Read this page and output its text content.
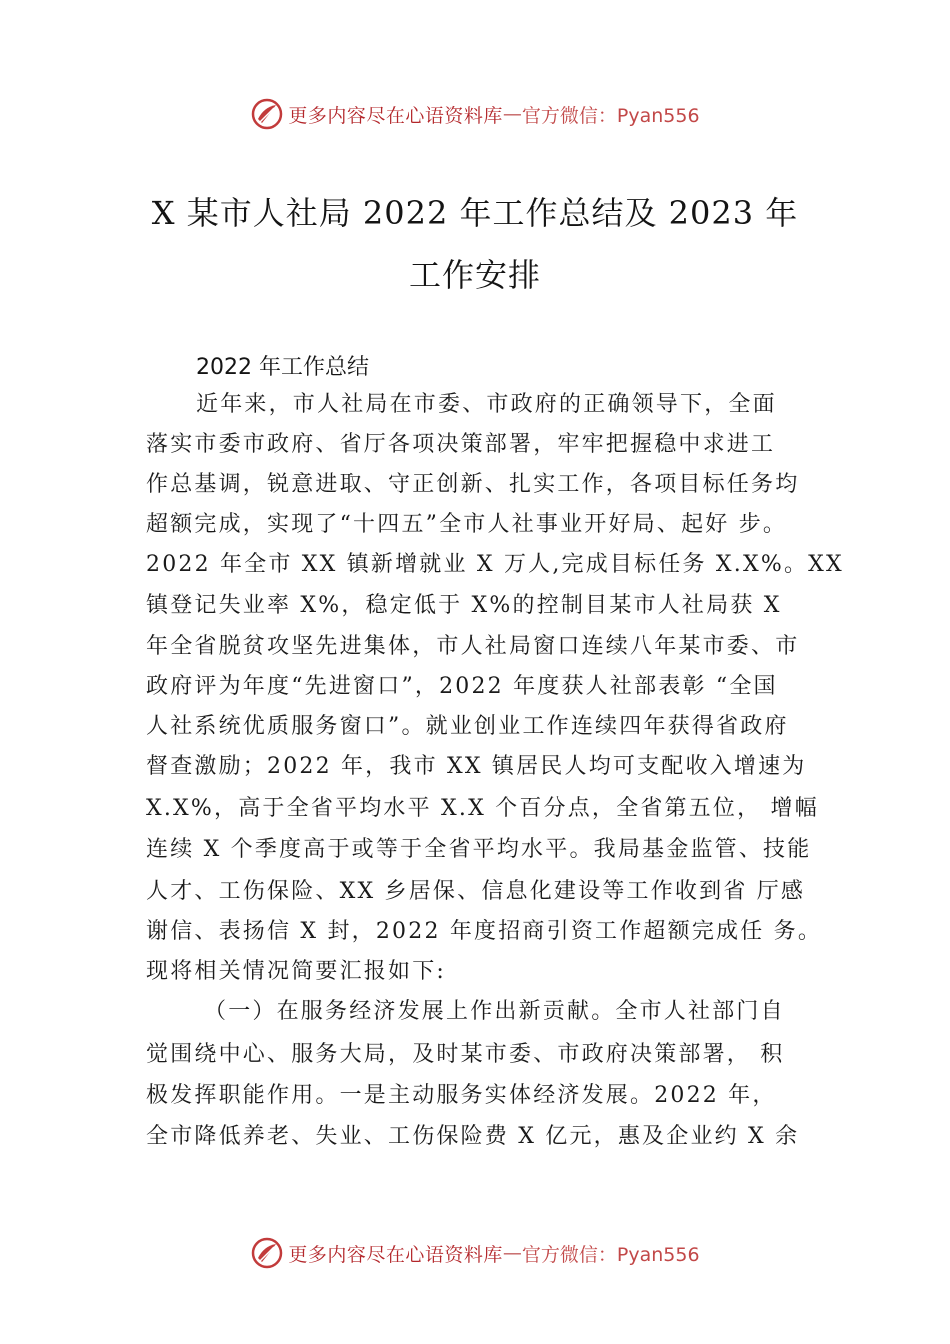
更多内容尽在心语资料库 — 官方微信：Pyan556
X 某市人社局 2022 年工作总结及 2023 年
工作安排
2022 年工作总结
近年来，市人社局在市委、市政府的正确领导下，全面
落实市委市政府、省厅各项决策部署，牢牢把握稳中求进工
作总基调，锐意进取、守正创新、扎实工作，各项目标任务均
超额完成，实现了“十四五”全市人社事业开好局、起好 步。
2022 年全市 XX 镇新增就业 X 万人,完成目标任务 X.X%。XX
镇登记失业率 X%，稳定低于 X%的控制目某市人社局获 X
年全省脱贫攻坚先进集体，市人社局窗口连续八年某市委、市
政府评为年度“先进窗口”，2022 年度获人社部表彰 “全国
人社系统优质服务窗口”。就业创业工作连续四年获得省政府
督查激励；2022 年，我市 XX 镇居民人均可支配收入增速为
X.X%，高于全省平均水平 X.X 个百分点，全省第五位， 增幅
连续 X 个季度高于或等于全省平均水平。我局基金监管、技能
人才、工伤保险、XX 乡居保、信息化建设等工作收到省 厅感
谢信、表扬信 X 封，2022 年度招商引资工作超额完成任 务。
现将相关情况简要汇报如下:
（一）在服务经济发展上作出新贡献。全市人社部门自
觉围绕中心、服务大局，及时某市委、市政府决策部署， 积
极发挥职能作用。一是主动服务实体经济发展。2022 年，
全市降低养老、失业、工伤保险费 X 亿元，惠及企业约 X 余
更多内容尽在心语资料库 — 官方微信：Pyan556
